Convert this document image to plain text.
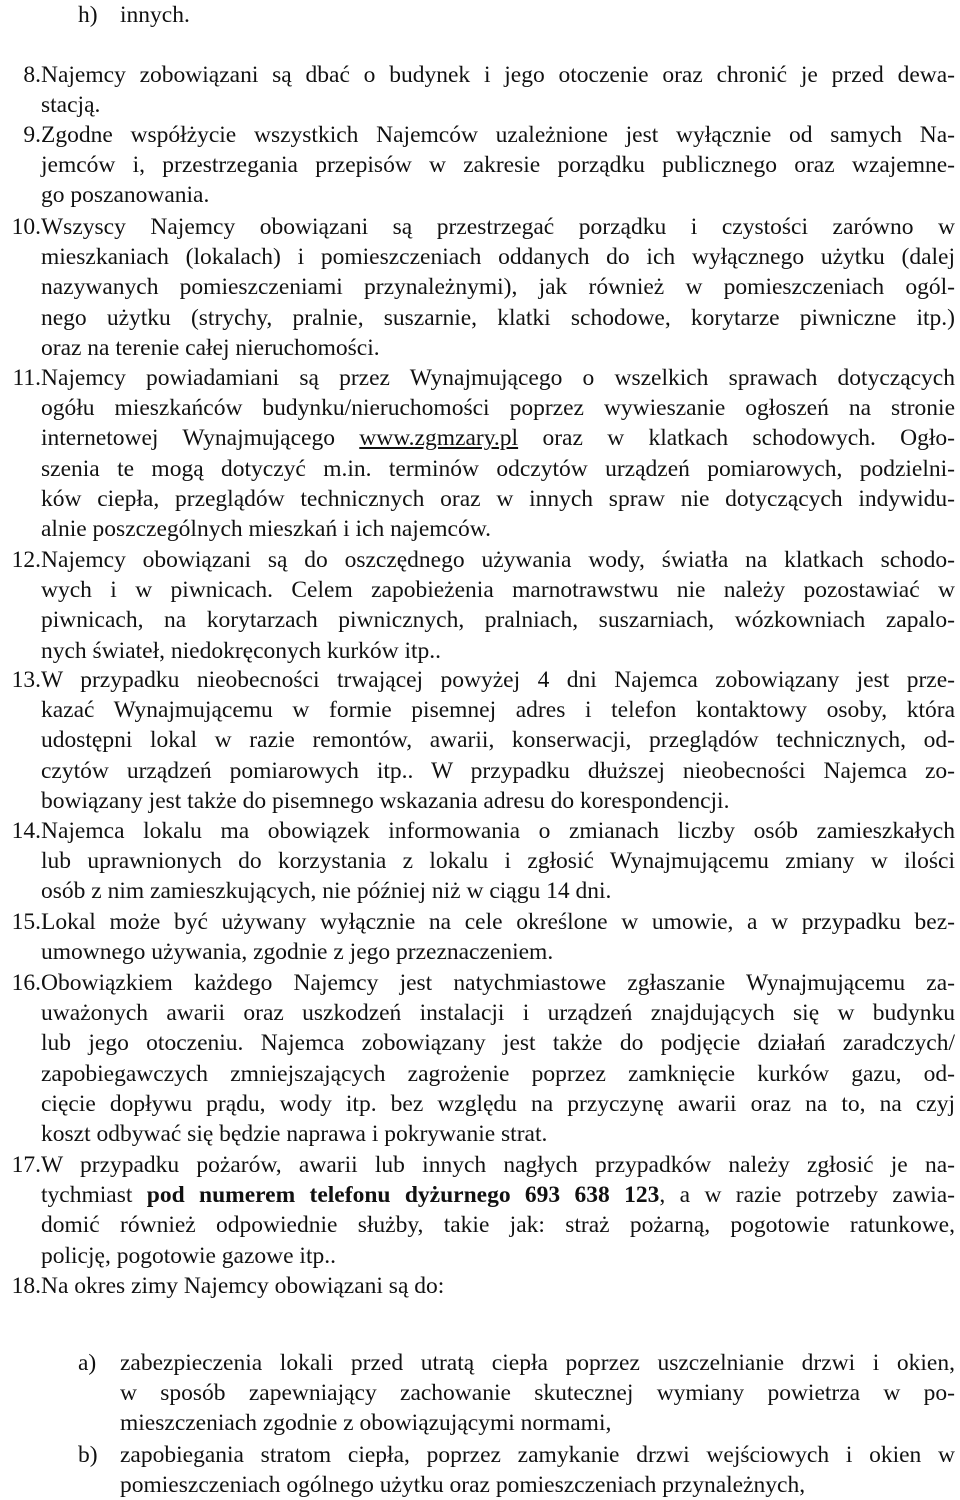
h) innych.
8. Najemcy zobowiązani są dbać o budynek i jego otoczenie oraz chronić je przed dewa-
stacją.
9. Zgodne współżycie wszystkich Najemców uzależnione jest wyłącznie od samych Na-
jemców i, przestrzegania przepisów w zakresie porządku publicznego oraz wzajemne-
go poszanowania.
10. Wszyscy Najemcy obowiązani są przestrzegać porządku i czystości zarówno w
mieszkaniach (lokalach) i pomieszczeniach oddanych do ich wyłącznego użytku (dalej
nazywanych pomieszczeniami przynależnymi), jak również w pomieszczeniach ogól-
nego użytku (strychy, pralnie, suszarnie, klatki schodowe, korytarze piwniczne itp.)
oraz na terenie całej nieruchomości.
11. Najemcy powiadamiani są przez Wynajmującego o wszelkich sprawach dotyczących
ogółu mieszkańców budynku/nieruchomości poprzez wywieszanie ogłoszeń na stronie
internetowej Wynajmującego www.zgmzary.pl oraz w klatkach schodowych. Ogło-
szenia te mogą dotyczyć m.in. terminów odczytów urządzeń pomiarowych, podzielni-
ków ciepła, przeglądów technicznych oraz w innych spraw nie dotyczących indywidu-
alnie poszczególnych mieszkań i ich najemców.
12. Najemcy obowiązani są do oszczędnego używania wody, światła na klatkach schodo-
wych i w piwnicach. Celem zapobieżenia marnotrawstwu nie należy pozostawiać w
piwnicach, na korytarzach piwnicznych, pralniach, suszarniach, wózkowniach zapalo-
nych świateł, niedokręconych kurków itp..
13. W przypadku nieobecności trwającej powyżej 4 dni Najemca zobowiązany jest prze-
kazać Wynajmującemu w formie pisemnej adres i telefon kontaktowy osoby, która
udostępni lokal w razie remontów, awarii, konserwacji, przeglądów technicznych, od-
czytów urządzeń pomiarowych itp.. W przypadku dłuższej nieobecności Najemca zo-
bowiązany jest także do pisemnego wskazania adresu do korespondencji.
14. Najemca lokalu ma obowiązek informowania o zmianach liczby osób zamieszkałych
lub uprawnionych do korzystania z lokalu i zgłosić Wynajmującemu zmiany w ilości
osób z nim zamieszkujących, nie później niż w ciągu 14 dni.
15. Lokal może być używany wyłącznie na cele określone w umowie, a w przypadku bez-
umownego używania, zgodnie z jego przeznaczeniem.
16. Obowiązkiem każdego Najemcy jest natychmiastowe zgłaszanie Wynajmującemu za-
uważonych awarii oraz uszkodzeń instalacji i urządzeń znajdujących się w budynku
lub jego otoczeniu. Najemca zobowiązany jest także do podjęcie działań zaradczych/
zapobiegawczych zmniejszających zagrożenie poprzez zamknięcie kurków gazu, od-
cięcie dopływu prądu, wody itp. bez względu na przyczynę awarii oraz na to, na czyj
koszt odbywać się będzie naprawa i pokrywanie strat.
17. W przypadku pożarów, awarii lub innych nagłych przypadków należy zgłosić je na-
tychmiast pod numerem telefonu dyżurnego 693 638 123, a w razie potrzeby zawia-
domić również odpowiednie służby, takie jak: straż pożarną, pogotowie ratunkowe,
policję, pogotowie gazowe itp..
18. Na okres zimy Najemcy obowiązani są do:
a)	zabezpieczenia lokali przed utratą ciepła poprzez uszczelnianie drzwi i okien,
w sposób zapewniający zachowanie skutecznej wymiany powietrza w po-
mieszczeniach zgodnie z obowiązującymi normami,
b) zapobiegania stratom ciepła, poprzez zamykanie drzwi wejściowych i okien w
pomieszczeniach ogólnego użytku oraz pomieszczeniach przynależnych,
